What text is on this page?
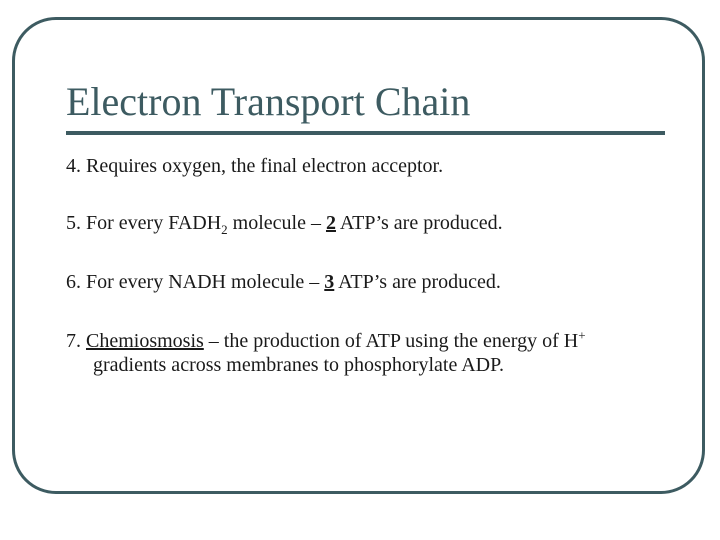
Electron Transport Chain
4. Requires oxygen, the final electron acceptor.
5. For every $FADH_2$ molecule – 2 ATP’s are produced.
6. For every NADH molecule – 3 ATP’s are produced.
7. Chemiosmosis – the production of ATP using the energy of H+
gradients across membranes to phosphorylate ADP.
